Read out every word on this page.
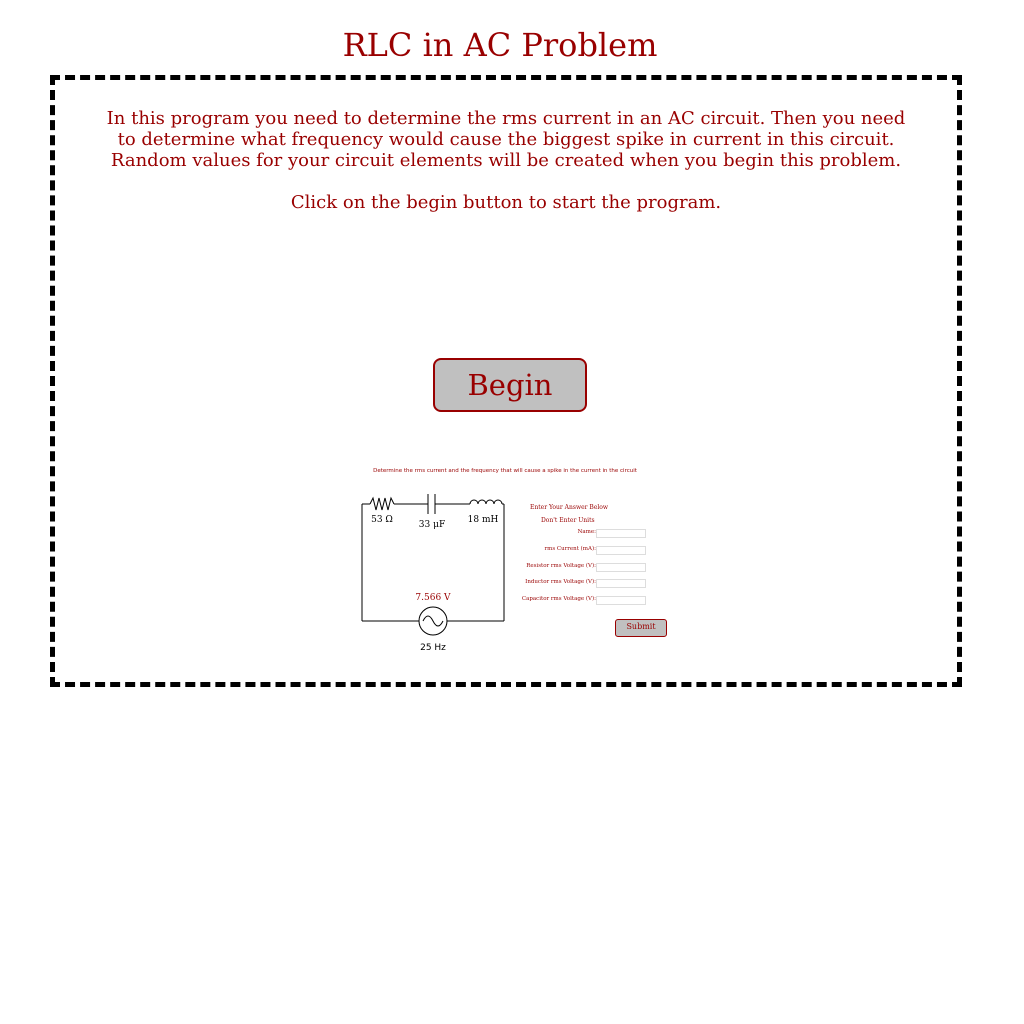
RLC in AC Problem

In this program you need to determine the rms current in an AC circuit. Then you need

to determine what frequency would cause the biggest spike in current in this circuit.

Random values for your circuit elements will be created when you begin this problem.

Click on the begin button to start the program.

Begin
Determine the rms current and the frequency that will cause a spike in the current in the circuit
53 Ω	33 μF 18 mH
7.566 V
25 Hz
Enter Your Answer Below
Don't Enter Units
Name:
rms Current (mA):
Resistor rms Voltage (V):
Inductor rms Voltage (V):
Capacitor rms Voltage (V):
Submit
